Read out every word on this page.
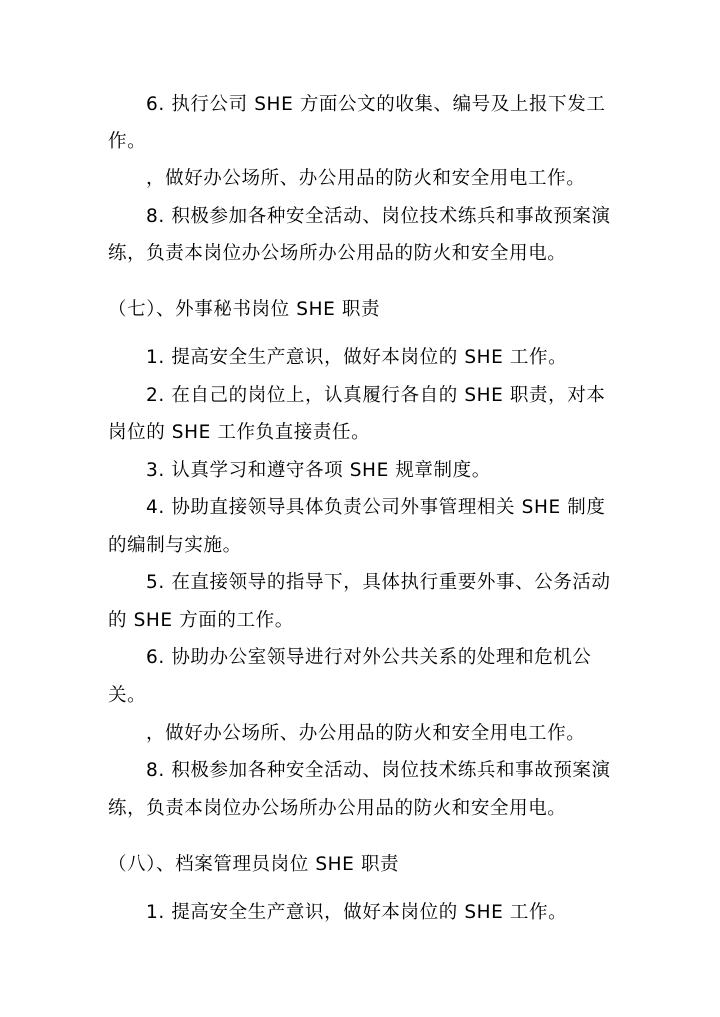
6. 执行公司 SHE 方面公文的收集、编号及上报下发工
作。
，做好办公场所、办公用品的防火和安全用电工作。
8. 积极参加各种安全活动、岗位技术练兵和事故预案演
练，负责本岗位办公场所办公用品的防火和安全用电。
（七）、外事秘书岗位 SHE 职责
1. 提高安全生产意识，做好本岗位的 SHE 工作。
2. 在自己的岗位上，认真履行各自的 SHE 职责，对本
岗位的 SHE 工作负直接责任。
3. 认真学习和遵守各项 SHE 规章制度。
4. 协助直接领导具体负责公司外事管理相关 SHE 制度
的编制与实施。
5. 在直接领导的指导下，具体执行重要外事、公务活动
的 SHE 方面的工作。
6. 协助办公室领导进行对外公共关系的处理和危机公
关。
，做好办公场所、办公用品的防火和安全用电工作。
8. 积极参加各种安全活动、岗位技术练兵和事故预案演
练，负责本岗位办公场所办公用品的防火和安全用电。
（八）、档案管理员岗位 SHE 职责
1. 提高安全生产意识，做好本岗位的 SHE 工作。
